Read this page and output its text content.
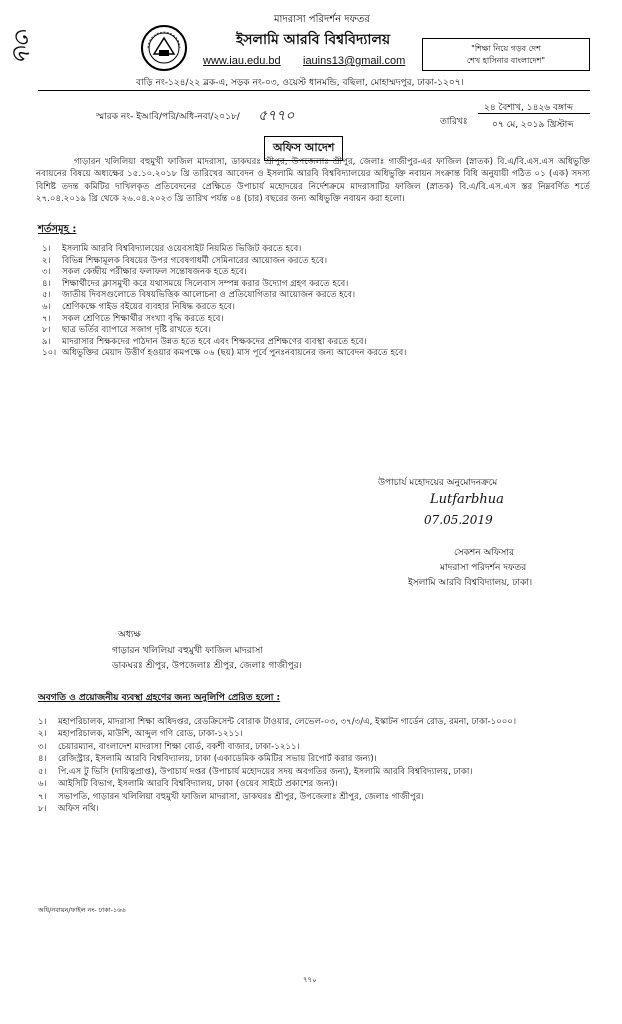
৩৬
মাদরাসা পরিদর্শন দফতর
ইসলামি আরবি বিশ্ববিদ্যালয়
www.iau.edu.bd iauins13@gmail.com
"শিক্ষা নিয়ে গড়ব দেশ
শেখ হাসিনার বাংলাদেশ"
বাড়ি নং-১২৪/২২ ব্লক-এ, সড়ক নং-০৩, ওয়েস্ট ধানমন্ডি, বছিলা, মোহাম্মদপুর, ঢাকা-১২০৭।
স্মারক নং- ইআবি/পরি/অধি-নবা/২০১৮/ ৫৭৭০	তারিখঃ
২৪ বৈশাখ, ১৪২৬ বঙ্গাব্দ
০৭ মে, ২০১৯ খ্রিস্টাব্দ
অফিস আদেশ
গাড়ারন খলিলিয়া বহুমুখী ফাজিল মাদরাসা, ডাকঘরঃ শ্রীপুর, উপজেলাঃ শ্রীপুর, জেলাঃ গাজীপুর-এর ফাজিল (স্নাতক) বি.এ/বি.এস.এস অধিভুক্তি নবায়নের বিষয়ে অধ্যক্ষের ১৫.১০.২০১৮ খ্রি তারিখের আবেদন ও ইসলামি আরবি বিশ্ববিদ্যালয়ের অধিভুক্তি নবায়ন সংক্রান্ত বিধি অনুযায়ী গঠিত ০১ (এক) সদস্য বিশিষ্ট তদন্ত কমিটির দাখিলকৃত প্রতিবেদনের প্রেক্ষিতে উপাচার্য মহোদয়ের নির্দেশক্রমে মাদরাসাটির ফাজিল (স্নাতক) বি.এ/বি.এস.এস স্তর নিম্নবর্ণিত শর্তে ২৭.০৪.২০১৯ খ্রি থেকে ২৬.০৪.২০২৩ খ্রি তারিখ পর্যন্ত ০৪ (চার) বছরের জন্য অধিভুক্তি নবায়ন করা হলো।
শর্তসমূহ :
১।	ইসলামি আরবি বিশ্ববিদ্যালয়ের ওয়েবসাইট নিয়মিত ভিজিট করতে হবে।
২।	বিভিন্ন শিক্ষামূলক বিষয়ের উপর গবেষণাধর্মী সেমিনারের আয়োজন করতে হবে।
৩।	সকল কেন্দ্রীয় পরীক্ষার ফলাফল সন্তোষজনক হতে হবে।
৪।	শিক্ষার্থীদের ক্লাসমুখী করে যথাসময়ে সিলেবাস সম্পন্ন করার উদ্যোগ গ্রহণ করতে হবে।
৫।	জাতীয় দিবসগুলোতে বিষয়ভিত্তিক আলোচনা ও প্রতিযোগিতার আয়োজন করতে হবে।
৬।	শ্রেণিকক্ষে গাইড বইয়ের ব্যবহার নিষিদ্ধ করতে হবে।
৭।	সকল শ্রেণিতে শিক্ষার্থীর সংখ্যা বৃদ্ধি করতে হবে।
৮।	ছাত্র ভর্তির ব্যাপারে সজাগ দৃষ্টি রাখতে হবে।
৯।	মাদরাসার শিক্ষকদের পাঠদান উন্নত হতে হবে এবং শিক্ষকদের প্রশিক্ষণের ব্যবস্থা করতে হবে।
১০। অধিভুক্তির মেয়াদ উত্তীর্ণ হওয়ার কমপক্ষে ০৬ (ছয়) মাস পূর্বে পুনঃনবায়নের জন্য আবেদন করতে হবে।
উপাচার্য মহোদয়ের অনুমোদনক্রমে
Lutfarbhua
07.05.2019
সেকশন অফিসার
মাদরাসা পরিদর্শন দফতর
ইসলামি আরবি বিশ্ববিদ্যালয়, ঢাকা।
অধ্যক্ষ
গাড়ারন খলিলিয়া বহুমুখী ফাজিল মাদরাসা
ডাকঘরঃ শ্রীপুর, উপজেলাঃ শ্রীপুর, জেলাঃ গাজীপুর।
অবগতি ও প্রয়োজনীয় ব্যবস্থা গ্রহণের জন্য অনুলিপি প্রেরিত হলো :
১।	মহাপরিচালক, মাদরাসা শিক্ষা অধিদপ্তর, রেডক্রিসেন্ট বোরাক টাওয়ার, লেভেল-০৩, ৩৭/৩/এ, ইস্কাটন গার্ডেন রোড, রমনা, ঢাকা-১০০০।
২।	মহাপরিচালক, মাউশি, আব্দুল গণি রোড, ঢাকা-১২১১।
৩।	চেয়ারম্যান, বাংলাদেশ মাদরাসা শিক্ষা বোর্ড, বকশী বাজার, ঢাকা-১২১১।
৪।	রেজিস্ট্রার, ইসলামি আরবি বিশ্ববিদ্যালয়, ঢাকা (একাডেমিক কমিটির সভায় রিপোর্ট করার জন্য)।
৫।	পি.এস টু ভিসি (দায়িত্বপ্রাপ্ত), উপাচার্য দপ্তর (উপাচার্য মহোদয়ের সদয় অবগতির জন্য), ইসলামি আরবি বিশ্ববিদ্যালয়, ঢাকা।
৬।	আইসিটি বিভাগ, ইসলামি আরবি বিশ্ববিদ্যালয়, ঢাকা (ওয়েব সাইটে প্রকাশের জন্য)।
৭।	সভাপতি, গাড়ারন খলিলিয়া বহুমুখী ফাজিল মাদরাসা, ডাকঘরঃ শ্রীপুর, উপজেলাঃ শ্রীপুর, জেলাঃ গাজীপুর।
৮।	অফিস নথি।
অধি/নবায়ন/ফাইল নং- ঢাকা-১৬৬
৭৭০
